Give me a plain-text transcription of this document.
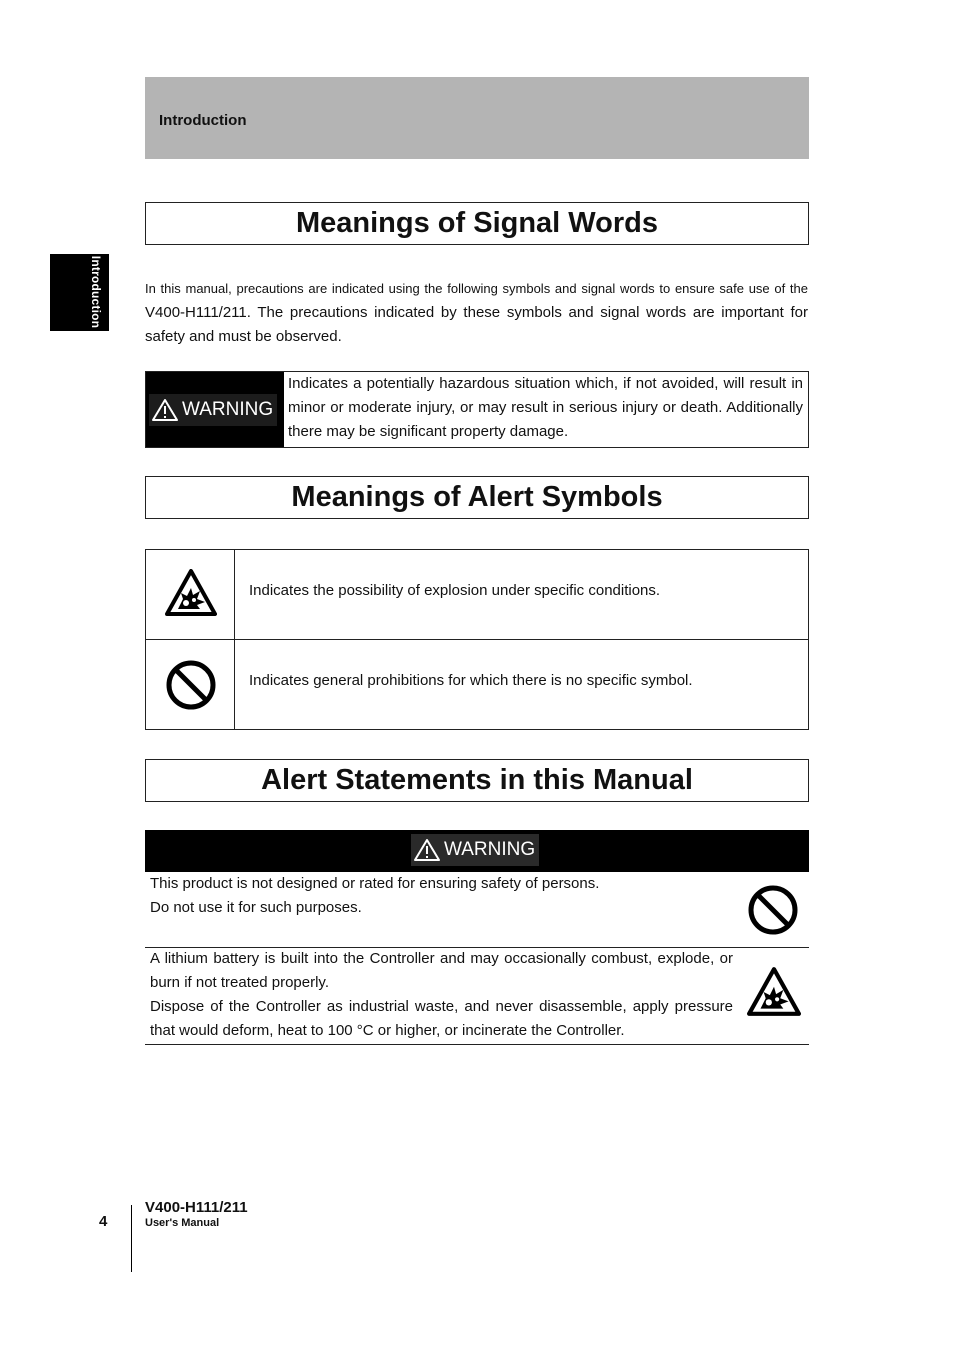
Introduction
Introduction
Meanings of Signal Words
In this manual, precautions are indicated using the following symbols and signal words to ensure safe use of the V400-H111/211. The precautions indicated by these symbols and signal words are important for safety and must be observed.
WARNING
Indicates a potentially hazardous situation which, if not avoided, will result in minor or moderate injury, or may result in serious injury or death. Additionally there may be significant property damage.
Meanings of Alert Symbols
Indicates the possibility of explosion under specific conditions.
Indicates general prohibitions for which there is no specific symbol.
Alert Statements in this Manual
WARNING
This product is not designed or rated for ensuring safety of persons.
Do not use it for such purposes.
A lithium battery is built into the Controller and may occasionally combust, explode, or burn if not treated properly.
Dispose of the Controller as industrial waste, and never disassemble, apply pressure that would deform, heat to 100 °C or higher, or incinerate the Controller.
4
V400-H111/211
User's Manual
